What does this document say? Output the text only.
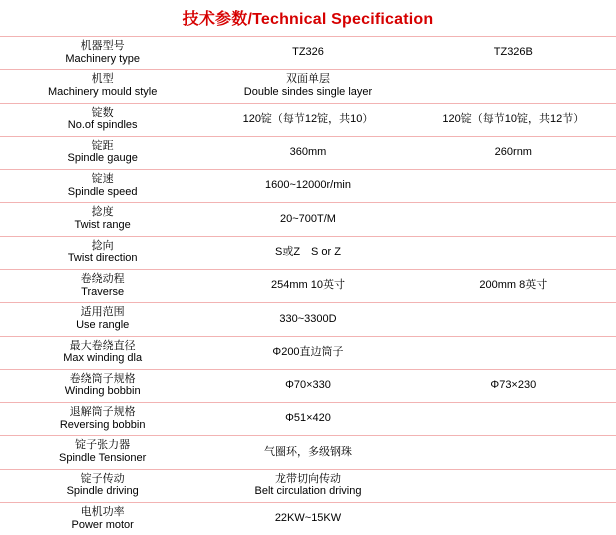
技术参数/Technical Specification		

机器型号
Machinery type	TZ326	TZ326B

机型
Machinery mould style	双面单层
Double sindes single layer	

锭数
No.of spindles	120锭（每节12锭，共10）	120锭（每节10锭，共12节）

锭距
Spindle gauge	360mm	260rnm

锭速
Spindle speed	1600~12000r/min	

捻度
Twist range	20~700T/M	

捻向
Twist direction	S或Z　S or Z	

卷绕动程
Traverse	254mm 10英寸	200mm 8英寸

适用范围
Use rangle	330~3300D	

最大卷绕直径
Max winding dla	Φ200直边筒子	

卷绕筒子规格
Winding bobbin	Φ70×330	Φ73×230

退解筒子规格
Reversing bobbin	Φ51×420	

锭子张力器
Spindle Tensioner	气圈环，多级钢珠	

锭子传动
Spindle driving	龙带切向传动
Belt circulation driving	

电机功率
Power motor	22KW~15KW	
